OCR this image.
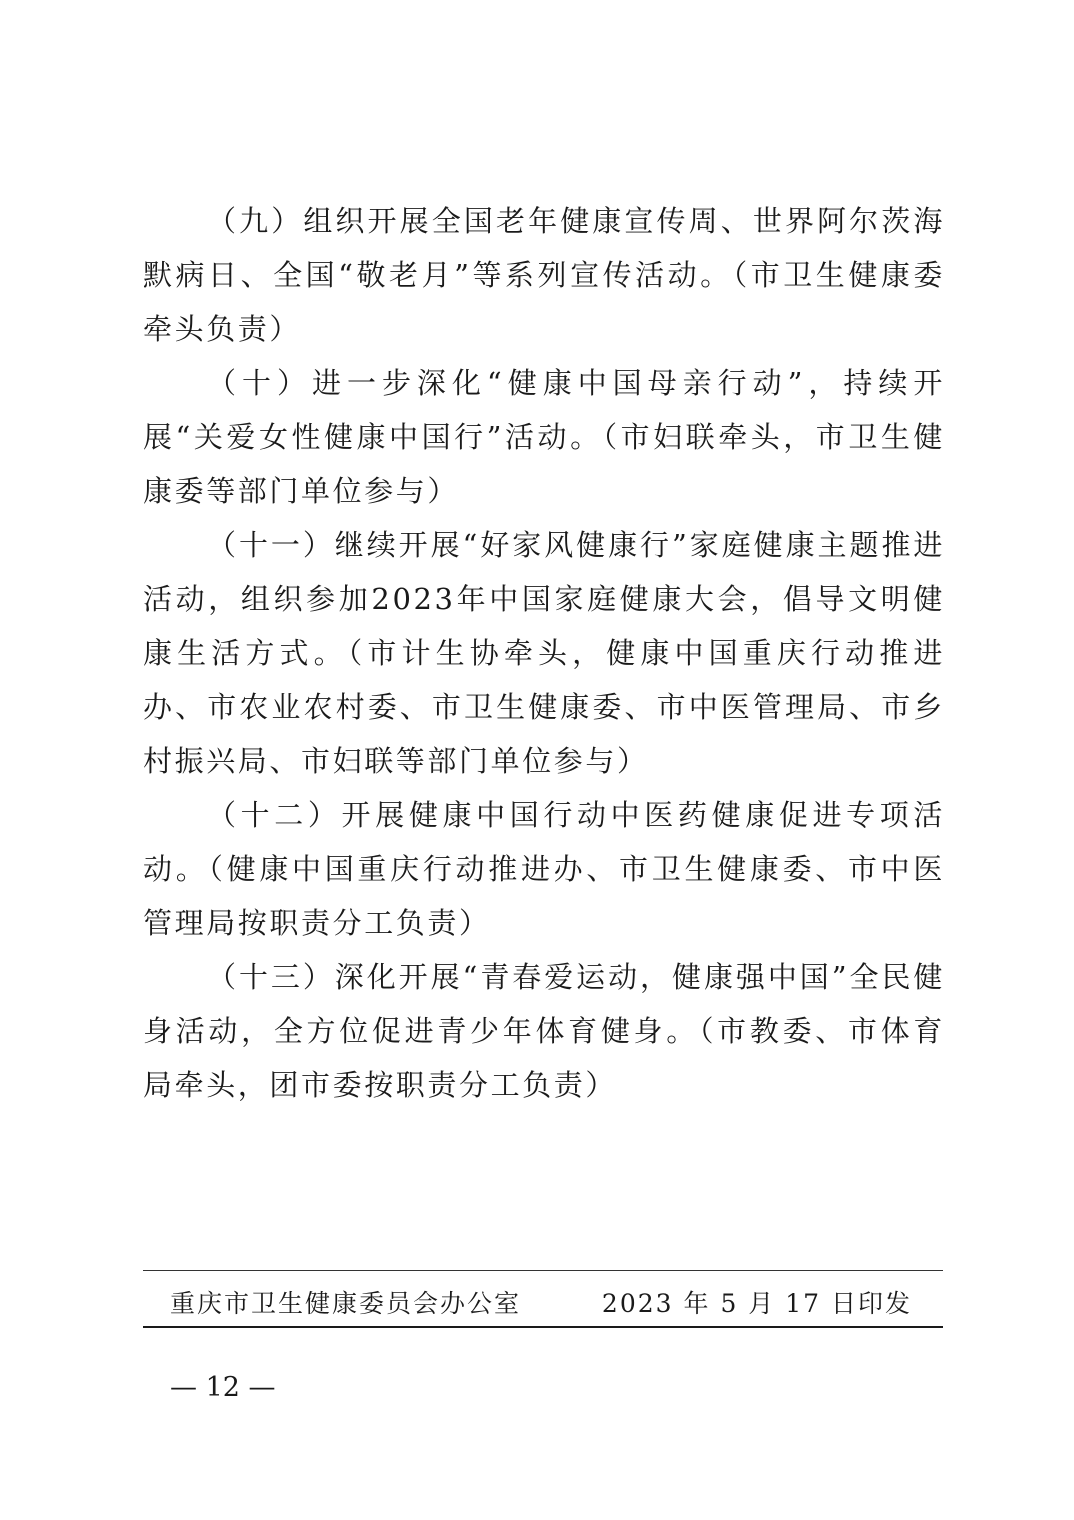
（九）组织开展全国老年健康宣传周、世界阿尔茨海默病日、全国“敬老月”等系列宣传活动。（市卫生健康委牵头负责）

（十）进一步深化“健康中国母亲行动”，持续开展“关爱女性健康中国行”活动。（市妇联牵头，市卫生健康委等部门单位参与）

（十一）继续开展“好家风健康行”家庭健康主题推进活动，组织参加2023年中国家庭健康大会，倡导文明健康生活方式。（市计生协牵头，健康中国重庆行动推进办、市农业农村委、市卫生健康委、市中医管理局、市乡村振兴局、市妇联等部门单位参与）

（十二）开展健康中国行动中医药健康促进专项活动。（健康中国重庆行动推进办、市卫生健康委、市中医管理局按职责分工负责）

（十三）深化开展“青春爱运动，健康强中国”全民健身活动，全方位促进青少年体育健身。（市教委、市体育局牵头，团市委按职责分工负责）

重庆市卫生健康委员会办公室	2023 年 5 月 17 日印发
— 12 —
